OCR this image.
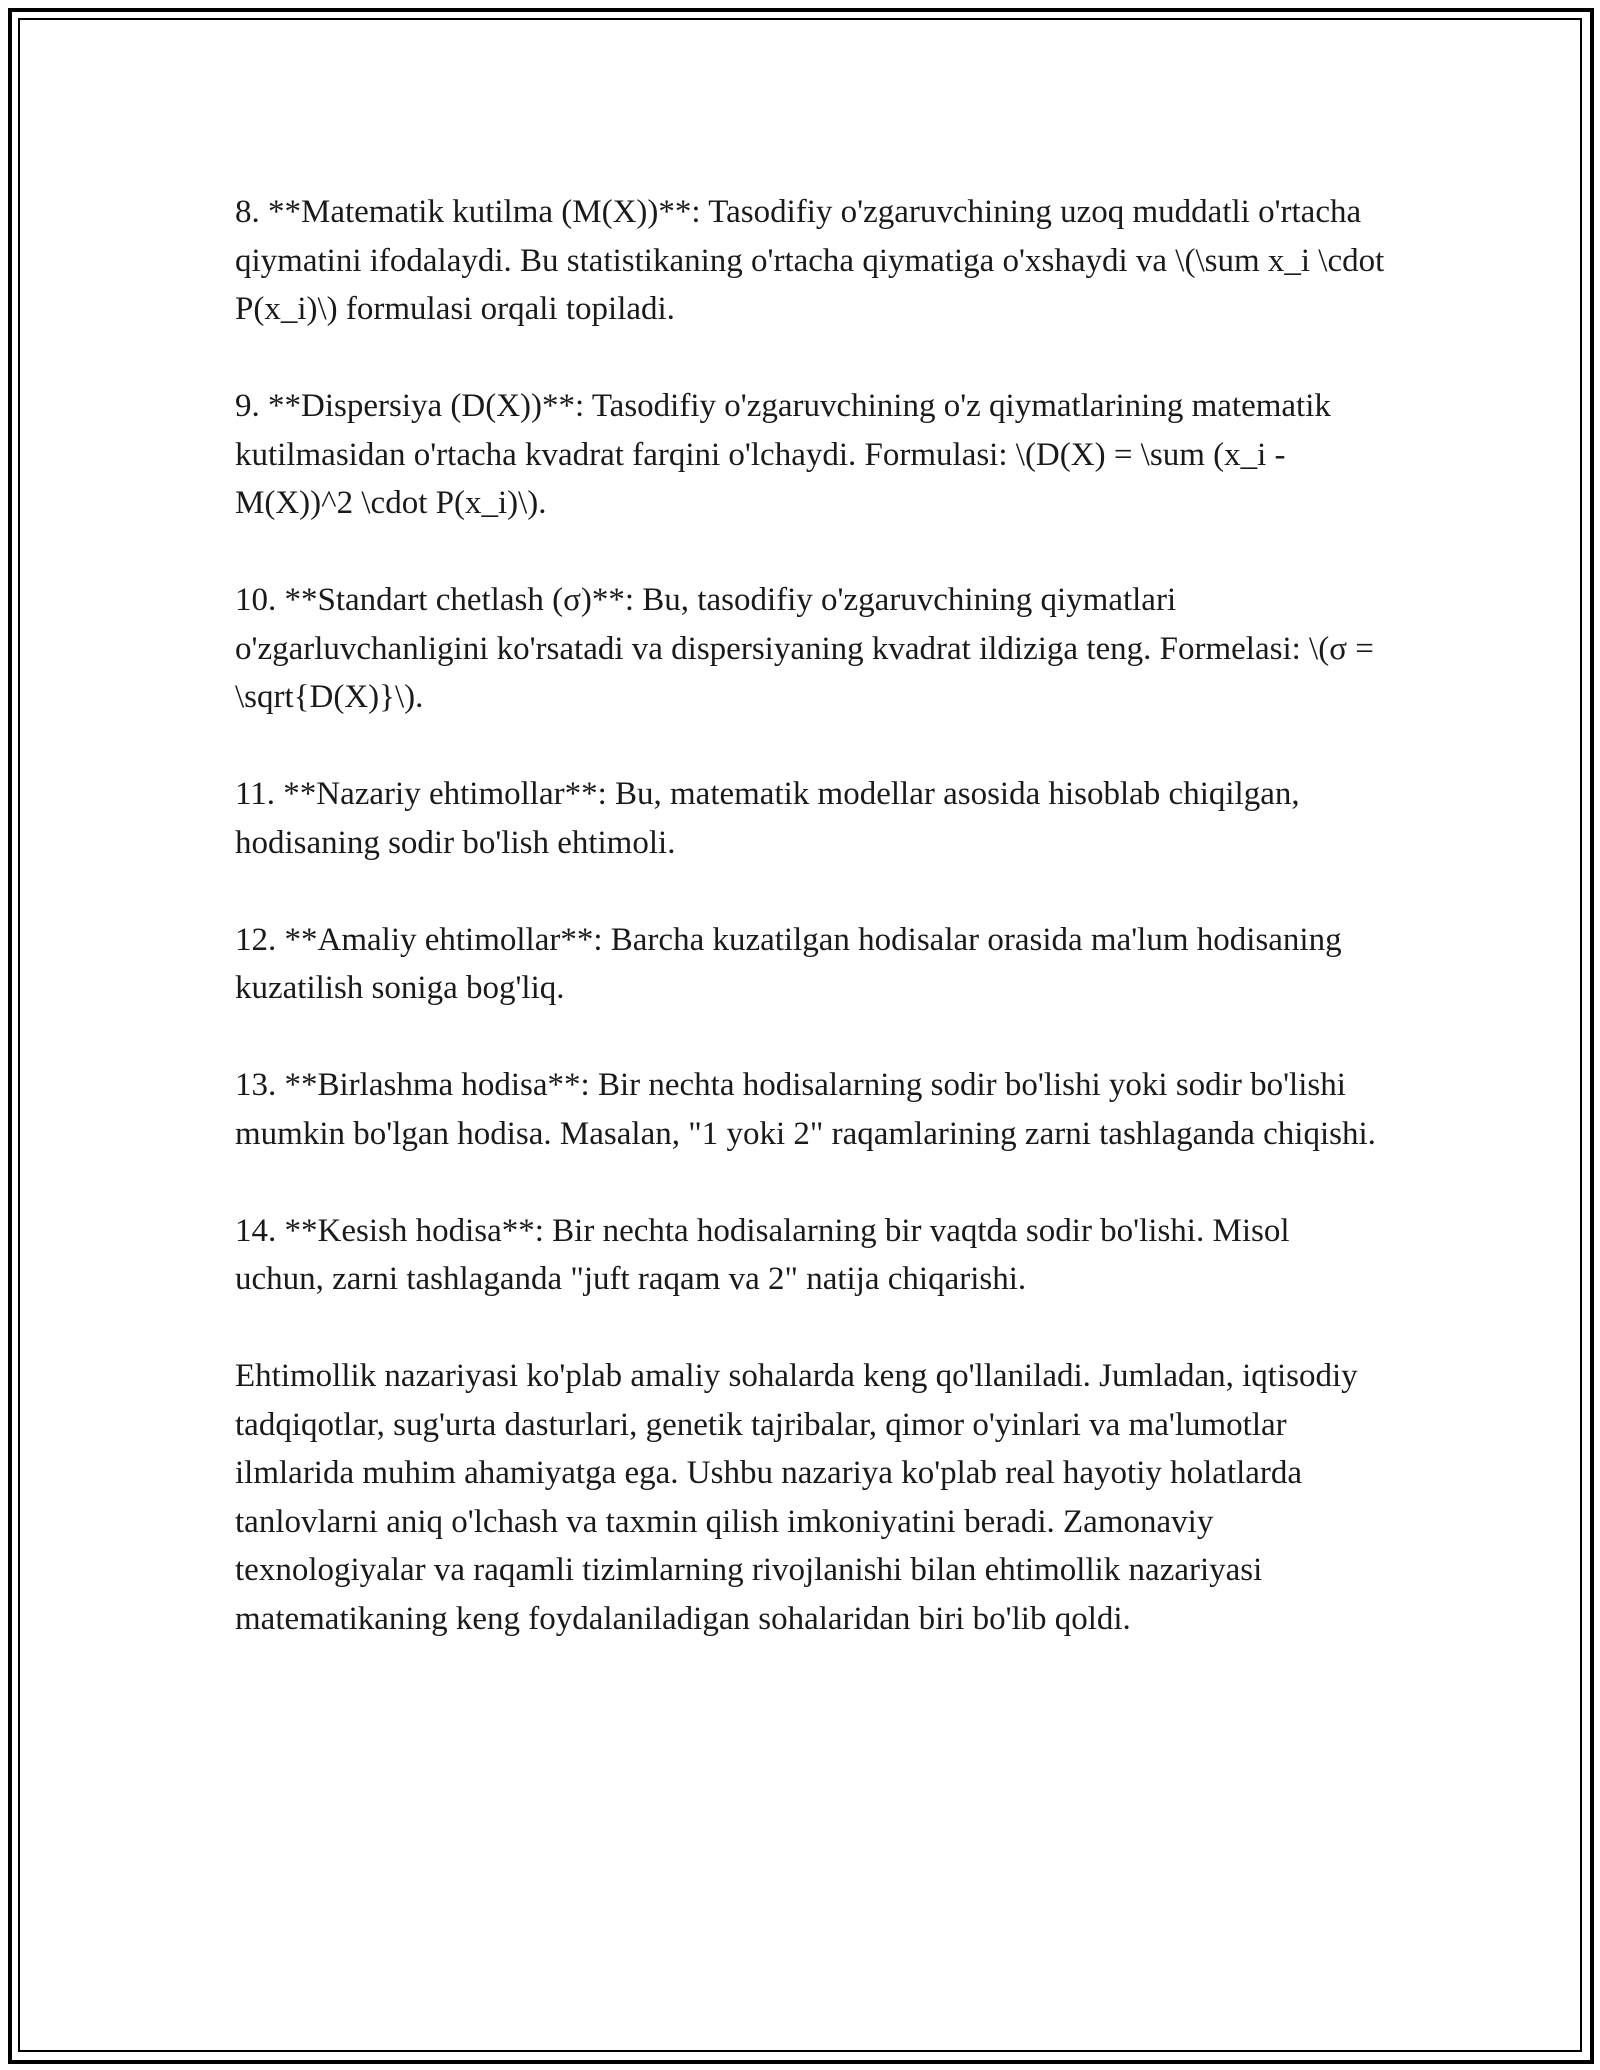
8. **Matematik kutilma (M(X))**: Tasodifiy o'zgaruvchining uzoq muddatli o'rtacha qiymatini ifodalaydi. Bu statistikaning o'rtacha qiymatiga o'xshaydi va \(\sum x_i \cdot P(x_i)\) formulasi orqali topiladi.

9. **Dispersiya (D(X))**: Tasodifiy o'zgaruvchining o'z qiymatlarining matematik kutilmasidan o'rtacha kvadrat farqini o'lchaydi. Formulasi: \(D(X) = \sum (x_i - M(X))^2 \cdot P(x_i)\).

10. **Standart chetlash (σ)**: Bu, tasodifiy o'zgaruvchining qiymatlari o'zgarluvchanligini ko'rsatadi va dispersiyaning kvadrat ildiziga teng. Formelasi: \(σ = \sqrt{D(X)}\).

11. **Nazariy ehtimollar**: Bu, matematik modellar asosida hisoblab chiqilgan, hodisaning sodir bo'lish ehtimoli.

12. **Amaliy ehtimollar**: Barcha kuzatilgan hodisalar orasida ma'lum hodisaning kuzatilish soniga bog'liq.

13. **Birlashma hodisa**: Bir nechta hodisalarning sodir bo'lishi yoki sodir bo'lishi mumkin bo'lgan hodisa. Masalan, "1 yoki 2" raqamlarining zarni tashlaganda chiqishi.

14. **Kesish hodisa**: Bir nechta hodisalarning bir vaqtda sodir bo'lishi. Misol uchun, zarni tashlaganda "juft raqam va 2" natija chiqarishi.

Ehtimollik nazariyasi ko'plab amaliy sohalarda keng qo'llaniladi. Jumladan, iqtisodiy tadqiqotlar, sug'urta dasturlari, genetik tajribalar, qimor o'yinlari va ma'lumotlar ilmlarida muhim ahamiyatga ega. Ushbu nazariya ko'plab real hayotiy holatlarda tanlovlarni aniq o'lchash va taxmin qilish imkoniyatini beradi. Zamonaviy texnologiyalar va raqamli tizimlarning rivojlanishi bilan ehtimollik nazariyasi matematikaning keng foydalaniladigan sohalaridan biri bo'lib qoldi.
